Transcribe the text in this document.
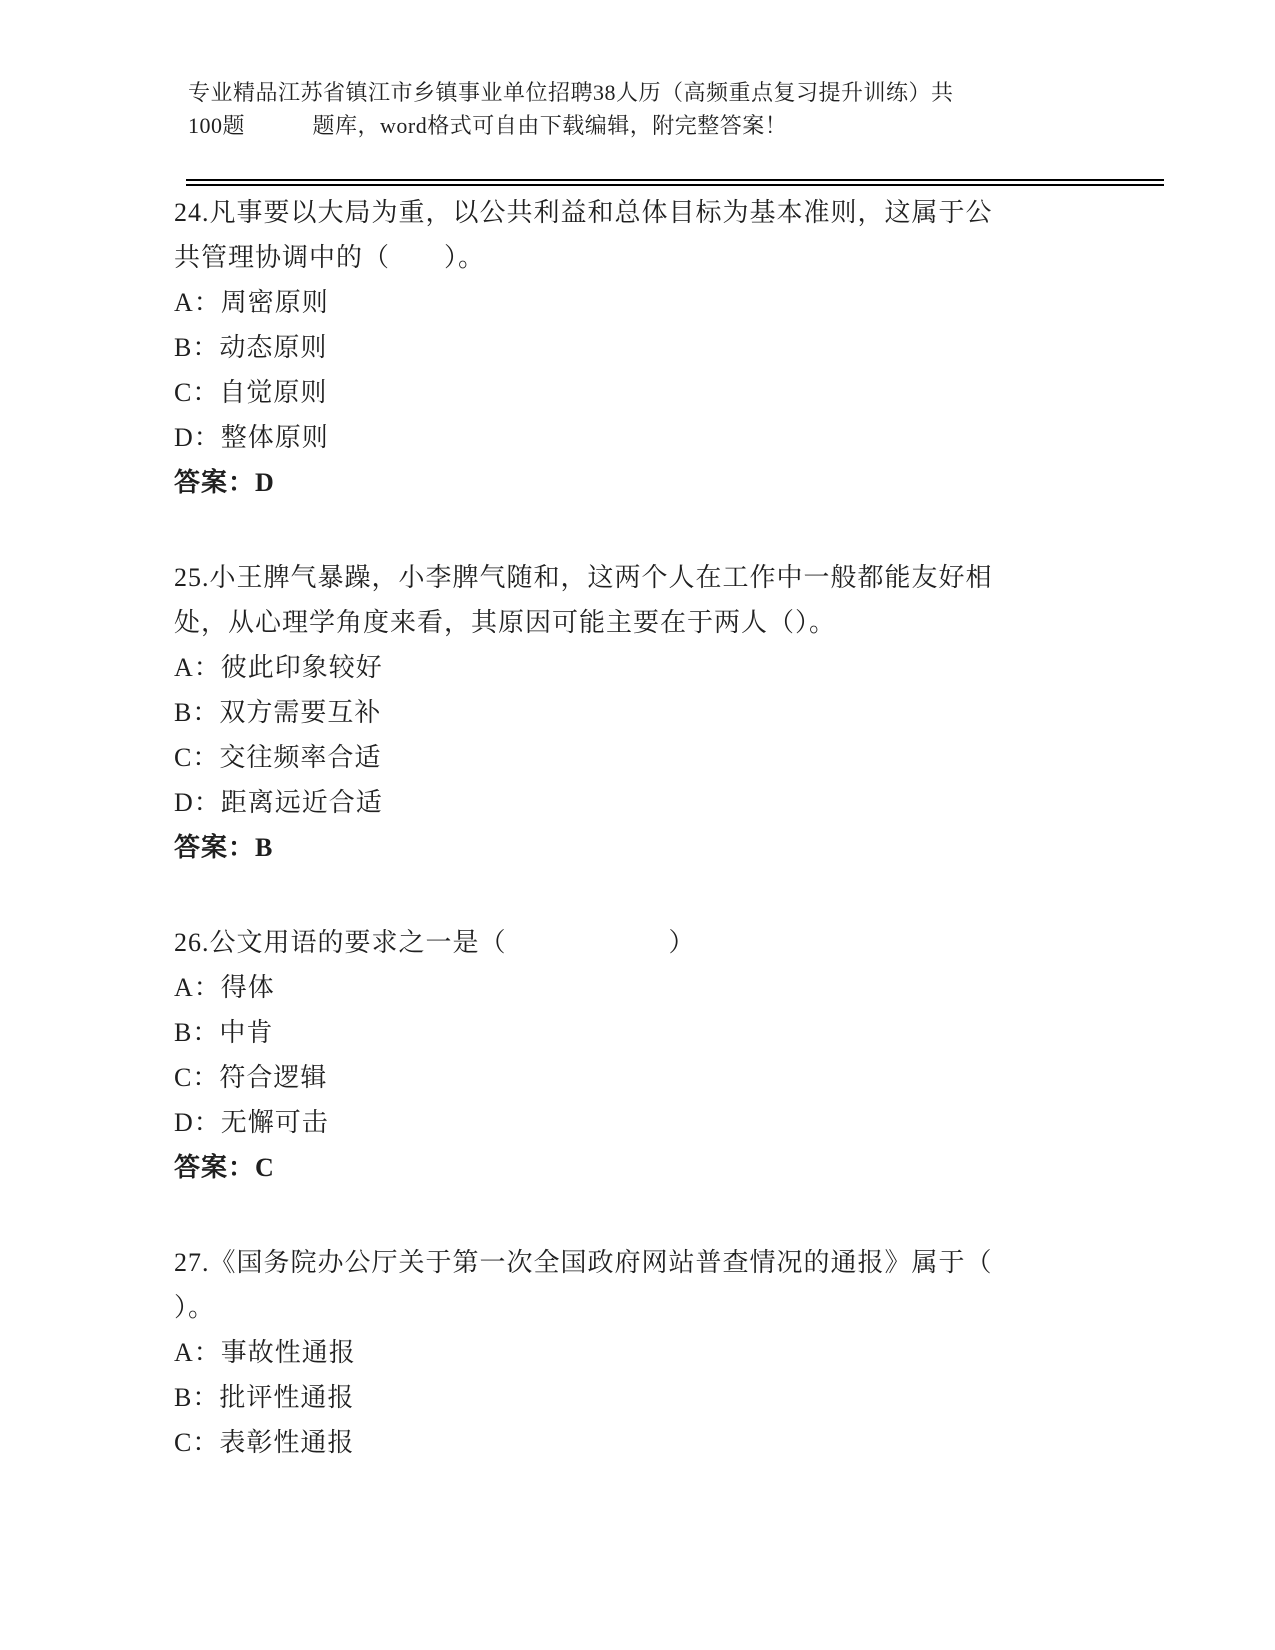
专业精品江苏省镇江市乡镇事业单位招聘38人历（高频重点复习提升训练）共
100题　　　题库，word格式可自由下载编辑，附完整答案！
24.凡事要以大局为重，以公共利益和总体目标为基本准则，这属于公
共管理协调中的（　　）。
A：周密原则
B：动态原则
C：自觉原则
D：整体原则
答案：D
25.小王脾气暴躁，小李脾气随和，这两个人在工作中一般都能友好相
处，从心理学角度来看，其原因可能主要在于两人（）。
A：彼此印象较好
B：双方需要互补
C：交往频率合适
D：距离远近合适
答案：B
26.公文用语的要求之一是（　　　　　　）
A：得体
B：中肯
C：符合逻辑
D：无懈可击
答案：C
27.《国务院办公厅关于第一次全国政府网站普查情况的通报》属于（
）。
A：事故性通报
B：批评性通报
C：表彰性通报
